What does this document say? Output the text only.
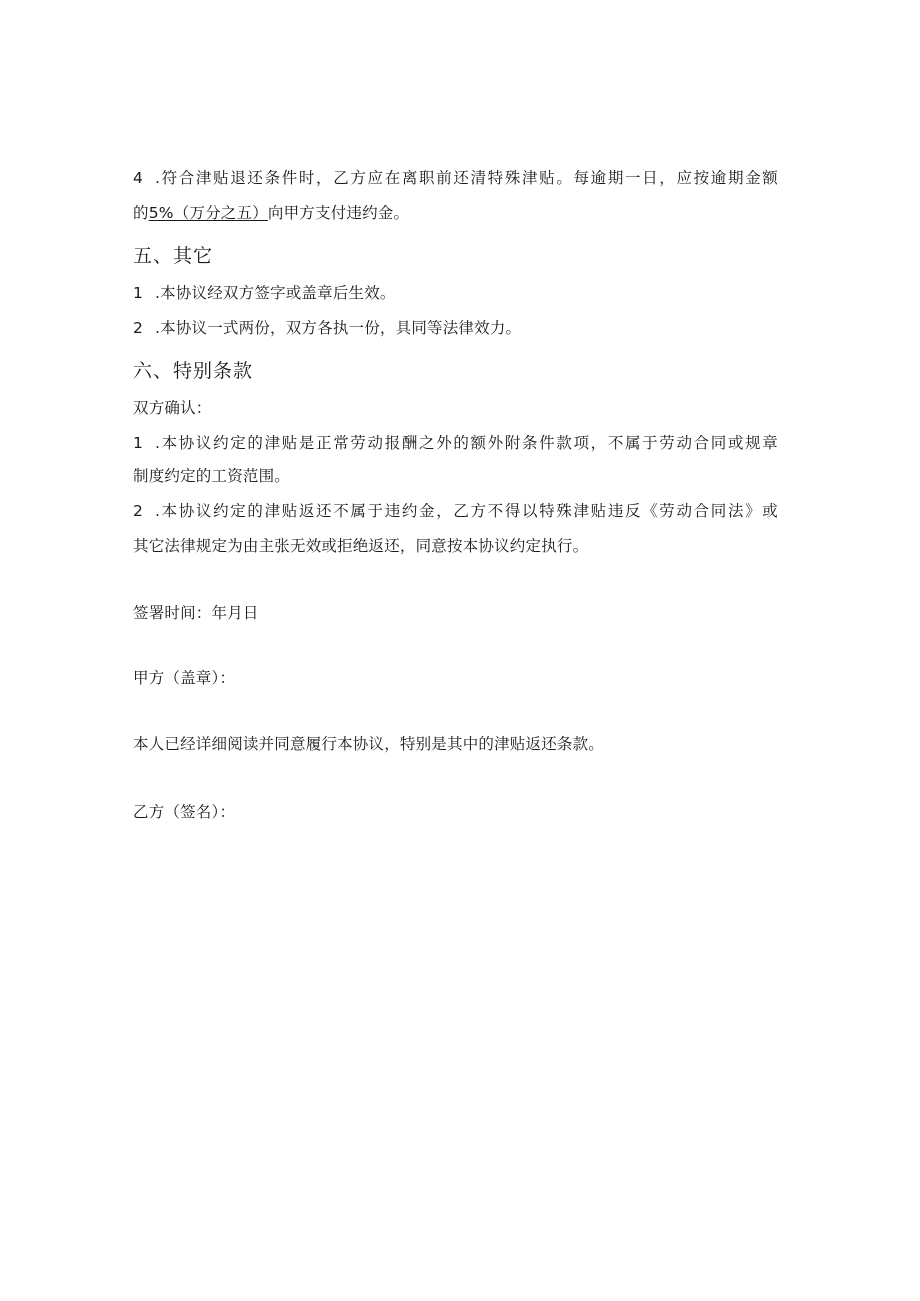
4 .符合津贴退还条件时，乙方应在离职前还清特殊津贴。每逾期一日，应按逾期金额
的5%（万分之五）向甲方支付违约金。
五、其它
1 .本协议经双方签字或盖章后生效。
2 .本协议一式两份，双方各执一份，具同等法律效力。
六、特别条款
双方确认：
1 .本协议约定的津贴是正常劳动报酬之外的额外附条件款项，不属于劳动合同或规章
制度约定的工资范围。
2 .本协议约定的津贴返还不属于违约金，乙方不得以特殊津贴违反《劳动合同法》或
其它法律规定为由主张无效或拒绝返还，同意按本协议约定执行。
签署时间：年月日
甲方（盖章）：
本人已经详细阅读并同意履行本协议，特别是其中的津贴返还条款。
乙方（签名）：
